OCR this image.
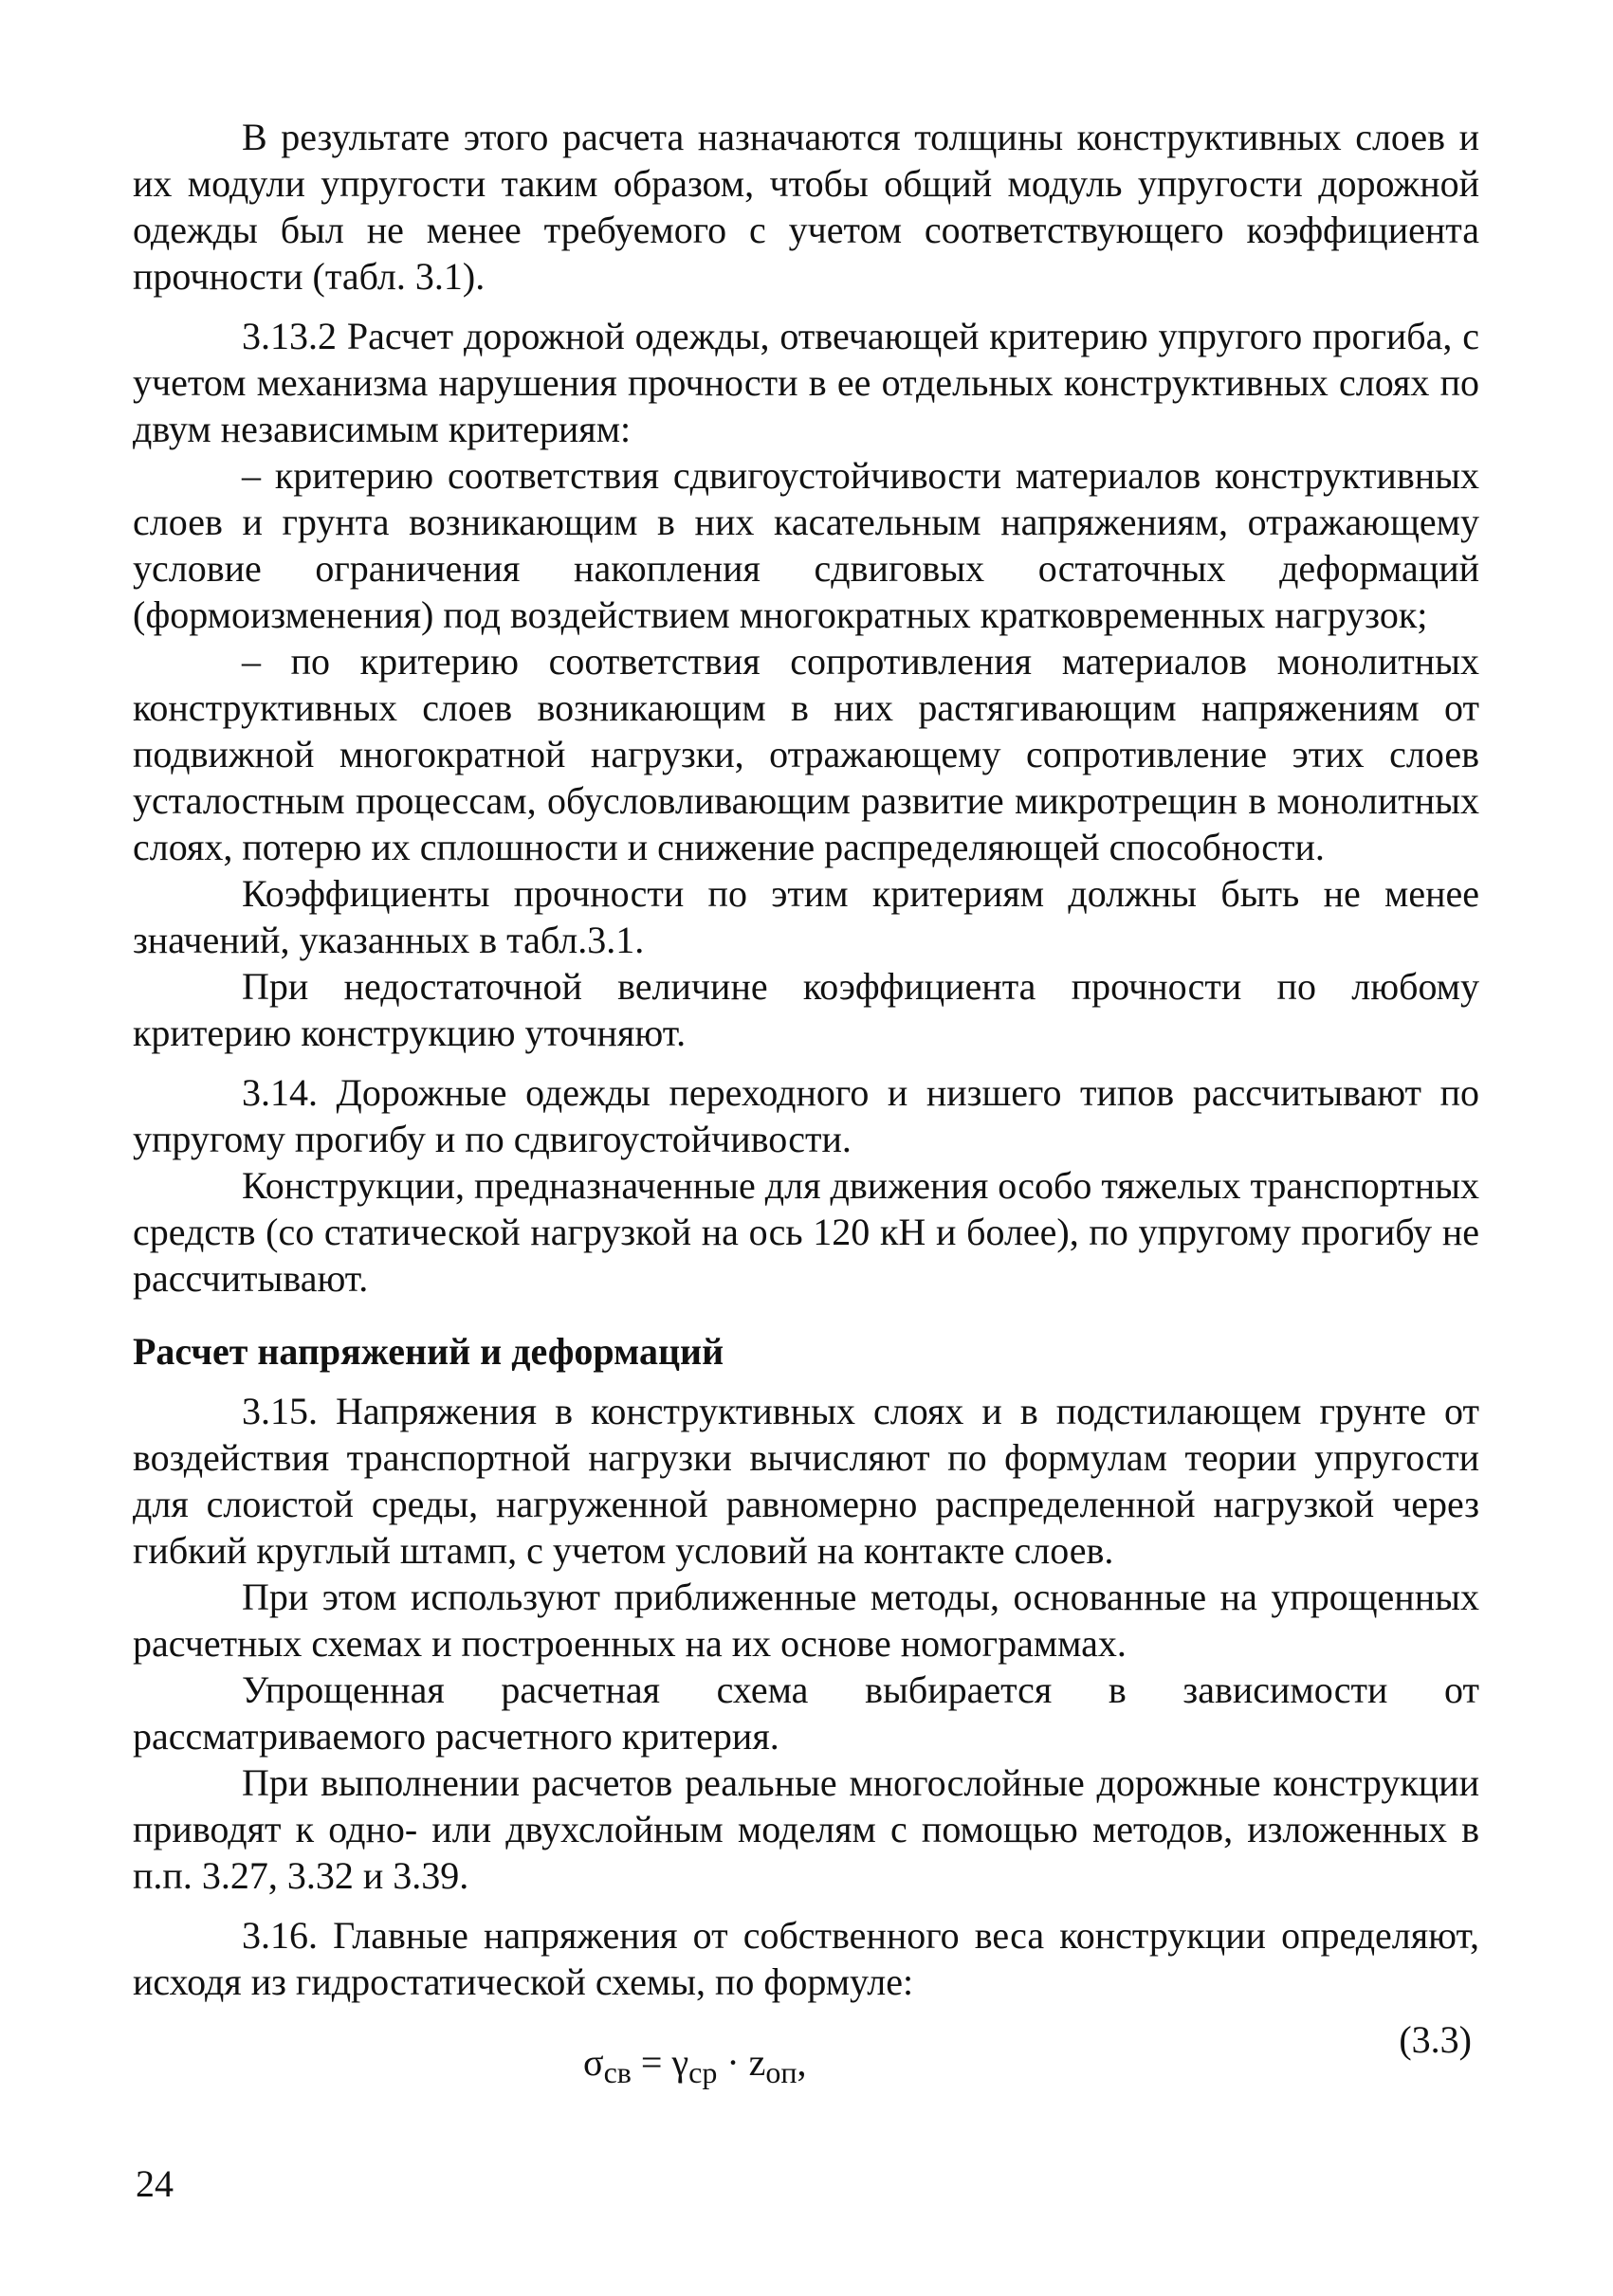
В результате этого расчета назначаются толщины конструктивных слоев и их модули упругости таким образом, чтобы общий модуль упругости дорожной одежды был не менее требуемого с учетом соответствующего коэффициента прочности (табл. 3.1).

3.13.2 Расчет дорожной одежды, отвечающей критерию упругого прогиба, с учетом механизма нарушения прочности в ее отдельных конструктивных слоях по двум независимым критериям:

– критерию соответствия сдвигоустойчивости материалов конструктивных слоев и грунта возникающим в них касательным напряжениям, отражающему условие ограничения накопления сдвиговых остаточных деформаций (формоизменения) под воздействием многократных кратковременных нагрузок;

– по критерию соответствия сопротивления материалов монолитных конструктивных слоев возникающим в них растягивающим напряжениям от подвижной многократной нагрузки, отражающему сопротивление этих слоев усталостным процессам, обусловливающим развитие микротрещин в монолитных слоях, потерю их сплошности и снижение распределяющей способности.

Коэффициенты прочности по этим критериям должны быть не менее значений, указанных в табл.3.1.

При недостаточной величине коэффициента прочности по любому критерию конструкцию уточняют.

3.14. Дорожные одежды переходного и низшего типов рассчитывают по упругому прогибу и по сдвигоустойчивости.

Конструкции, предназначенные для движения особо тяжелых транспортных средств (со статической нагрузкой на ось 120 кН и более), по упругому прогибу не рассчитывают.

Расчет напряжений и деформаций

3.15. Напряжения в конструктивных слоях и в подстилающем грунте от воздействия транспортной нагрузки вычисляют по формулам теории упругости для слоистой среды, нагруженной равномерно распределенной нагрузкой через гибкий круглый штамп, с учетом условий на контакте слоев.

При этом используют приближенные методы, основанные на упрощенных расчетных схемах и построенных на их основе номограммах.

Упрощенная расчетная схема выбирается в зависимости от рассматриваемого расчетного критерия.

При выполнении расчетов реальные многослойные дорожные конструкции приводят к одно- или двухслойным моделям с помощью методов, изложенных в п.п. 3.27, 3.32 и 3.39.

3.16. Главные напряжения от собственного веса конструкции определяют, исходя из гидростатической схемы, по формуле:

$\sigma_{св} = \gamma_{ср} \cdot z_{оп}$,
(3.3)
24
